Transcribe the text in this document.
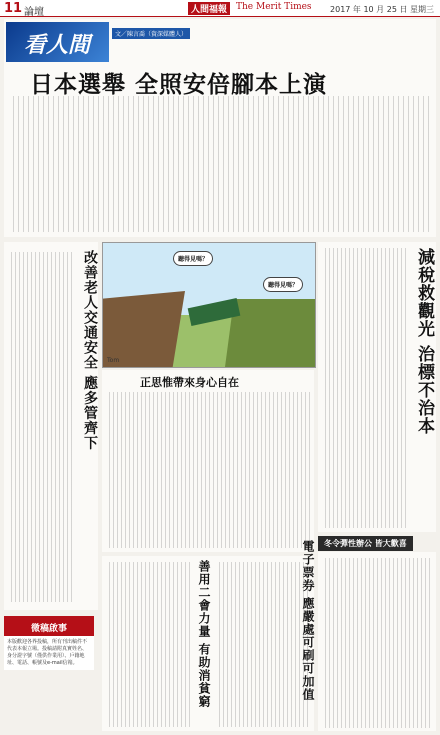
11 論壇	人間福報 The Merit Times 2017 年 10 月 25 日 星期三
看人間	文／陳言喬（資深媒體人）
日本選舉 全照安倍腳本上演
改善老人交通安全 應多管齊下	聽得見嗎？
聽得見嗎？
Tom	減稅救觀光 治標不治本
正思惟帶來身心自在
善用二會力量 有助消貧窮
冬令彈性辦公 皆大歡喜
電子票券 應嚴處可刷可加值
微稿啟事
本版歡迎各界投稿，所有刊出稿件不代表本報立場。投稿請附真實姓名、身分證字號（僅供作業用）、戶籍地址、電話、帳號及e-mail信箱。
